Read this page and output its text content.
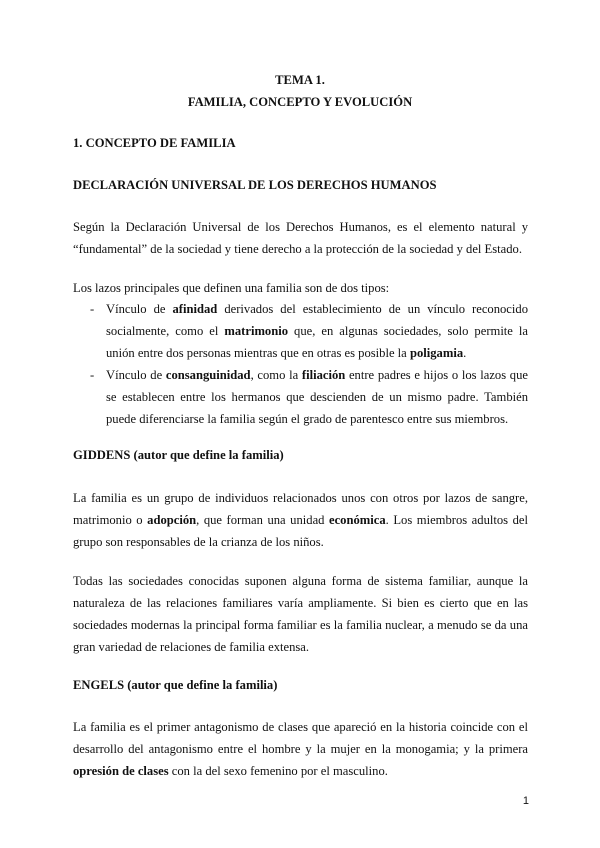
TEMA 1.

FAMILIA, CONCEPTO Y EVOLUCIÓN

1. CONCEPTO DE FAMILIA

DECLARACIÓN UNIVERSAL DE LOS DERECHOS HUMANOS

Según la Declaración Universal de los Derechos Humanos, es el elemento natural y “fundamental” de la sociedad y tiene derecho a la protección de la sociedad y del Estado.

Los lazos principales que definen una familia son de dos tipos:

- Vínculo de afinidad derivados del establecimiento de un vínculo reconocido socialmente, como el matrimonio que, en algunas sociedades, solo permite la unión entre dos personas mientras que en otras es posible la poligamia.

- Vínculo de consanguinidad, como la filiación entre padres e hijos o los lazos que se establecen entre los hermanos que descienden de un mismo padre. También puede diferenciarse la familia según el grado de parentesco entre sus miembros.

GIDDENS (autor que define la familia)

La familia es un grupo de individuos relacionados unos con otros por lazos de sangre, matrimonio o adopción, que forman una unidad económica. Los miembros adultos del grupo son responsables de la crianza de los niños.

Todas las sociedades conocidas suponen alguna forma de sistema familiar, aunque la naturaleza de las relaciones familiares varía ampliamente. Si bien es cierto que en las sociedades modernas la principal forma familiar es la familia nuclear, a menudo se da una gran variedad de relaciones de familia extensa.

ENGELS (autor que define la familia)

La familia es el primer antagonismo de clases que apareció en la historia coincide con el desarrollo del antagonismo entre el hombre y la mujer en la monogamia; y la primera opresión de clases con la del sexo femenino por el masculino.

1
